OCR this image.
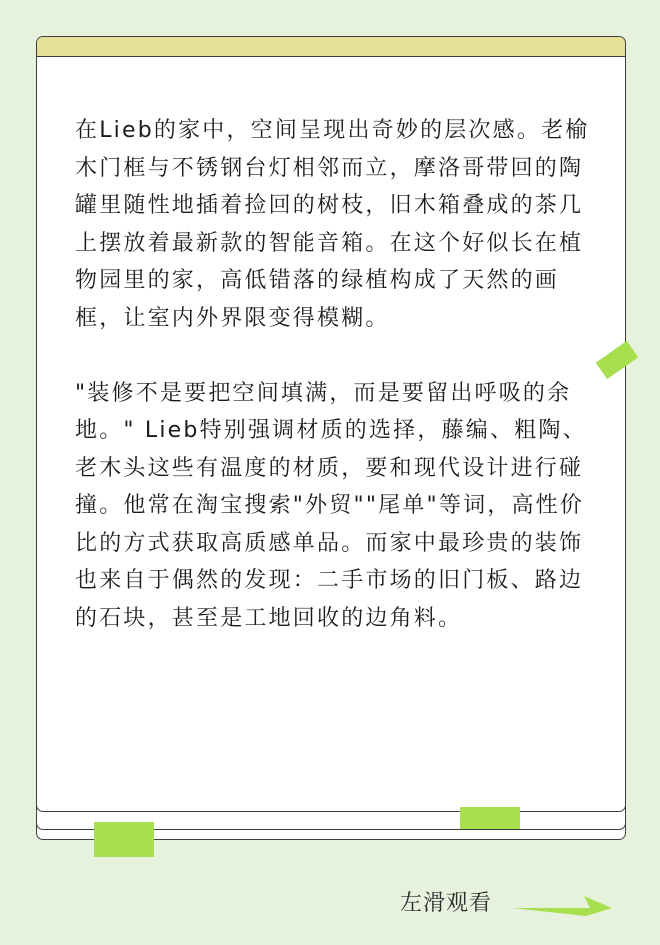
在Lieb的家中，空间呈现出奇妙的层次感。老榆木门框与不锈钢台灯相邻而立，摩洛哥带回的陶罐里随性地插着捡回的树枝，旧木箱叠成的茶几上摆放着最新款的智能音箱。在这个好似长在植物园里的家，高低错落的绿植构成了天然的画框，让室内外界限变得模糊。

"装修不是要把空间填满，而是要留出呼吸的余地。" Lieb特别强调材质的选择，藤编、粗陶、老木头这些有温度的材质，要和现代设计进行碰撞。他常在淘宝搜索"外贸""尾单"等词，高性价比的方式获取高质感单品。而家中最珍贵的装饰也来自于偶然的发现：二手市场的旧门板、路边的石块，甚至是工地回收的边角料。

左滑观看
